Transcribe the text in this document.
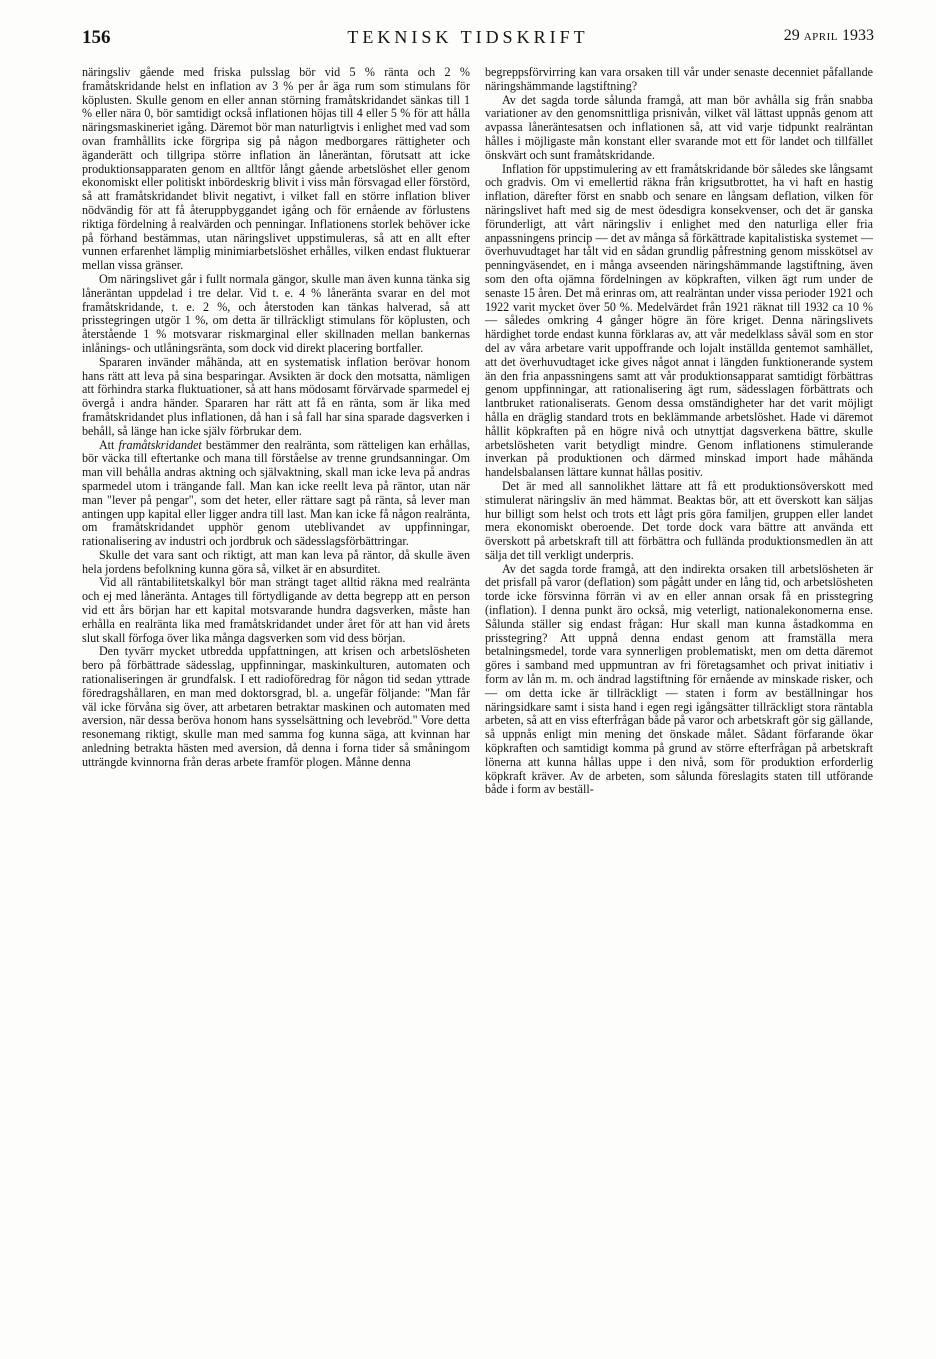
156	TEKNISK TIDSKRIFT	29 APRIL 1933

näringsliv gående med friska pulsslag bör vid 5 % ränta och 2 % framåtskridande helst en inflation av 3 % per år äga rum som stimulans för köplusten. Skulle genom en eller annan störning framåtskridandet sänkas till 1 % eller nära 0, bör samtidigt också inflationen höjas till 4 eller 5 % för att hålla näringsmaskineriet igång. Däremot bör man naturligtvis i enlighet med vad som ovan framhållits icke förgripa sig på någon medborgares rättigheter och äganderätt och tillgripa större inflation än låneräntan, förutsatt att icke produktionsapparaten genom en alltför långt gående arbetslöshet eller genom ekonomiskt eller politiskt inbördeskrig blivit i viss mån försvagad eller förstörd, så att framåtskridandet blivit negativt, i vilket fall en större inflation bliver nödvändig för att få återuppbyggandet igång och för ernående av förlustens riktiga fördelning å realvärden och penningar. Inflationens storlek behöver icke på förhand bestämmas, utan näringslivet uppstimuleras, så att en allt efter vunnen erfarenhet lämplig minimiarbetslöshet erhålles, vilken endast fluktuerar mellan vissa gränser.

Om näringslivet går i fullt normala gängor, skulle man även kunna tänka sig låneräntan uppdelad i tre delar. Vid t. e. 4 % låneränta svarar en del mot framåtskridande, t. e. 2 %, och återstoden kan tänkas halverad, så att prisstegringen utgör 1 %, om detta är tillräckligt stimulans för köplusten, och återstående 1 % motsvarar riskmarginal eller skillnaden mellan bankernas inlånings- och utlåningsränta, som dock vid direkt placering bortfaller.

Spararen invänder måhända, att en systematisk inflation berövar honom hans rätt att leva på sina besparingar. Avsikten är dock den motsatta, nämligen att förhindra starka fluktuationer, så att hans mödosamt förvärvade sparmedel ej övergå i andra händer. Spararen har rätt att få en ränta, som är lika med framåtskridandet plus inflationen, då han i så fall har sina sparade dagsverken i behåll, så länge han icke själv förbrukar dem.

Att framåtskridandet bestämmer den realränta, som rätteligen kan erhållas, bör väcka till eftertanke och mana till förståelse av trenne grundsanningar. Om man vill behålla andras aktning och självaktning, skall man icke leva på andras sparmedel utom i trängande fall. Man kan icke reellt leva på räntor, utan när man "lever på pengar", som det heter, eller rättare sagt på ränta, så lever man antingen upp kapital eller ligger andra till last. Man kan icke få någon realränta, om framåtskridandet upphör genom uteblivandet av uppfinningar, rationalisering av industri och jordbruk och sädesslagsförbättringar.

Skulle det vara sant och riktigt, att man kan leva på räntor, då skulle även hela jordens befolkning kunna göra så, vilket är en absurditet.

Vid all räntabilitetskalkyl bör man strängt taget alltid räkna med realränta och ej med låneränta. Antages till förtydligande av detta begrepp att en person vid ett års början har ett kapital motsvarande hundra dagsverken, måste han erhålla en realränta lika med framåtskridandet under året för att han vid årets slut skall förfoga över lika många dagsverken som vid dess början.

Den tyvärr mycket utbredda uppfattningen, att krisen och arbetslösheten bero på förbättrade sädesslag, uppfinningar, maskinkulturen, automaten och rationaliseringen är grundfalsk. I ett radioföredrag för någon tid sedan yttrade föredragshållaren, en man med doktorsgrad, bl. a. ungefär följande: "Man får väl icke förvåna sig över, att arbetaren betraktar maskinen och automaten med aversion, när dessa beröva honom hans sysselsättning och levebröd." Vore detta resonemang riktigt, skulle man med samma fog kunna säga, att kvinnan har anledning betrakta hästen med aversion, då denna i forna tider så småningom utträngde kvinnorna från deras arbete framför plogen. Månne denna

begreppsförvirring kan vara orsaken till vår under senaste decenniet påfallande näringshämmande lagstiftning?

Av det sagda torde sålunda framgå, att man bör avhålla sig från snabba variationer av den genomsnittliga prisnivån, vilket väl lättast uppnås genom att avpassa låneräntesatsen och inflationen så, att vid varje tidpunkt realräntan hålles i möjligaste mån konstant eller svarande mot ett för landet och tillfället önskvärt och sunt framåtskridande.

Inflation för uppstimulering av ett framåtskridande bör således ske långsamt och gradvis. Om vi emellertid räkna från krigsutbrottet, ha vi haft en hastig inflation, därefter först en snabb och senare en långsam deflation, vilken för näringslivet haft med sig de mest ödesdigra konsekvenser, och det är ganska förunderligt, att vårt näringsliv i enlighet med den naturliga eller fria anpassningens princip — det av många så förkättrade kapitalistiska systemet — överhuvudtaget har tålt vid en sådan grundlig påfrestning genom misskötsel av penningväsendet, en i många avseenden näringshämmande lagstiftning, även som den ofta ojämna fördelningen av köpkraften, vilken ägt rum under de senaste 15 åren. Det må erinras om, att realräntan under vissa perioder 1921 och 1922 varit mycket över 50 %. Medelvärdet från 1921 räknat till 1932 ca 10 % — således omkring 4 gånger högre än före kriget. Denna näringslivets härdighet torde endast kunna förklaras av, att vår medelklass såväl som en stor del av våra arbetare varit uppoffrande och lojalt inställda gentemot samhället, att det överhuvudtaget icke gives något annat i längden funktionerande system än den fria anpassningens samt att vår produktionsapparat samtidigt förbättras genom uppfinningar, att rationalisering ägt rum, sädesslagen förbättrats och lantbruket rationaliserats. Genom dessa omständigheter har det varit möjligt hålla en dräglig standard trots en beklämmande arbetslöshet. Hade vi däremot hållit köpkraften på en högre nivå och utnyttjat dagsverkena bättre, skulle arbetslösheten varit betydligt mindre. Genom inflationens stimulerande inverkan på produktionen och därmed minskad import hade måhända handelsbalansen lättare kunnat hållas positiv.

Det är med all sannolikhet lättare att få ett produktionsöverskott med stimulerat näringsliv än med hämmat. Beaktas bör, att ett överskott kan säljas hur billigt som helst och trots ett lågt pris göra familjen, gruppen eller landet mera ekonomiskt oberoende. Det torde dock vara bättre att använda ett överskott på arbetskraft till att förbättra och fullända produktionsmedlen än att sälja det till verkligt underpris.

Av det sagda torde framgå, att den indirekta orsaken till arbetslösheten är det prisfall på varor (deflation) som pågått under en lång tid, och arbetslösheten torde icke försvinna förrän vi av en eller annan orsak få en prisstegring (inflation). I denna punkt äro också, mig veterligt, nationalekonomerna ense. Sålunda ställer sig endast frågan: Hur skall man kunna åstadkomma en prisstegring? Att uppnå denna endast genom att framställa mera betalningsmedel, torde vara synnerligen problematiskt, men om detta däremot göres i samband med uppmuntran av fri företagsamhet och privat initiativ i form av lån m. m. och ändrad lagstiftning för ernående av minskade risker, och — om detta icke är tillräckligt — staten i form av beställningar hos näringsidkare samt i sista hand i egen regi igångsätter tillräckligt stora räntabla arbeten, så att en viss efterfrågan både på varor och arbetskraft gör sig gällande, så uppnås enligt min mening det önskade målet. Sådant förfarande ökar köpkraften och samtidigt komma på grund av större efterfrågan på arbetskraft lönerna att kunna hållas uppe i den nivå, som för produktion erforderlig köpkraft kräver. Av de arbeten, som sålunda föreslagits staten till utförande både i form av beställ-
